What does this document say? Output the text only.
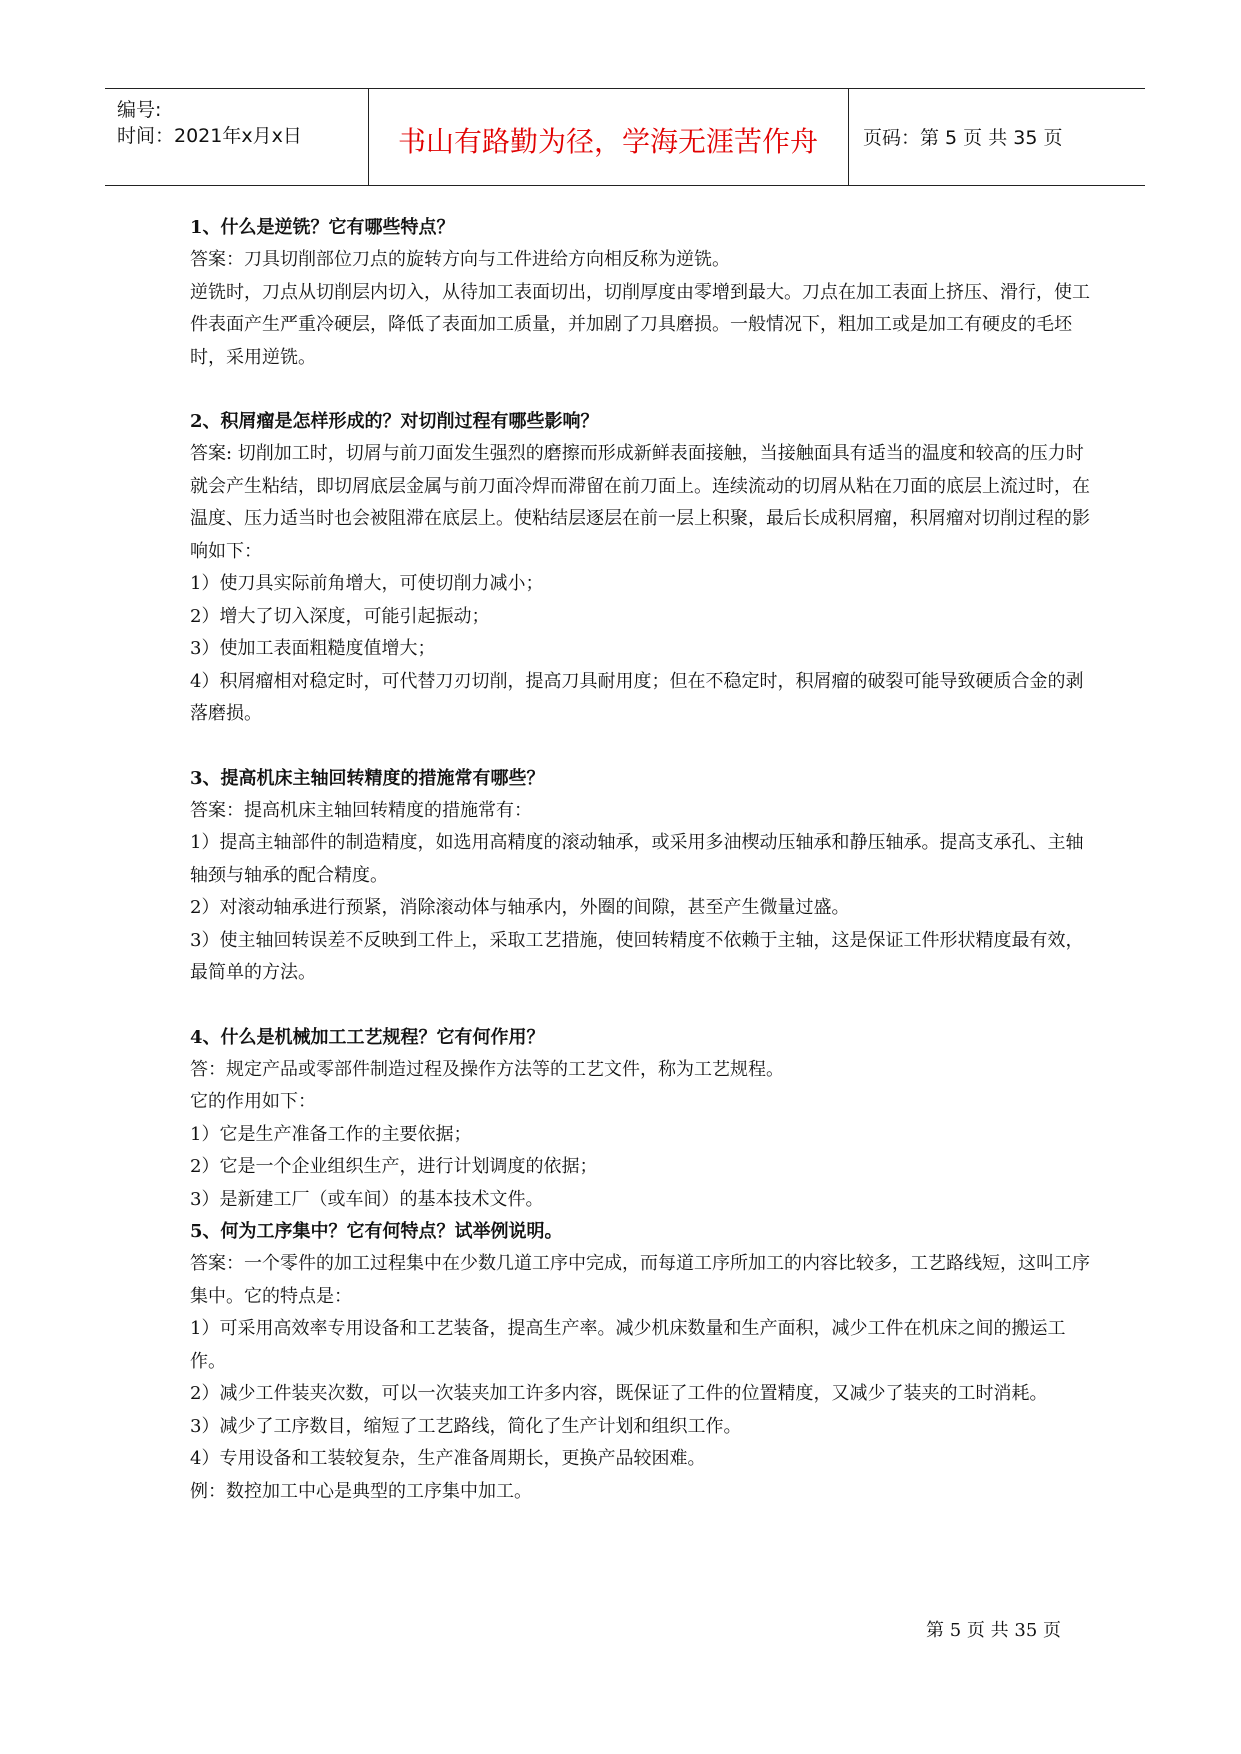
编号:
时间：2021年x月x日	书山有路勤为径，学海无涯苦作舟	页码：第 5 页 共 35 页

1、什么是逆铣？它有哪些特点？

答案：刀具切削部位刀点的旋转方向与工件进给方向相反称为逆铣。

逆铣时，刀点从切削层内切入，从待加工表面切出，切削厚度由零增到最大。刀点在加工表面上挤压、滑行，使工件表面产生严重冷硬层，降低了表面加工质量，并加剧了刀具磨损。一般情况下，粗加工或是加工有硬皮的毛坯时，采用逆铣。

2、积屑瘤是怎样形成的？对切削过程有哪些影响？

答案: 切削加工时，切屑与前刀面发生强烈的磨擦而形成新鲜表面接触，当接触面具有适当的温度和较高的压力时就会产生粘结，即切屑底层金属与前刀面冷焊而滞留在前刀面上。连续流动的切屑从粘在刀面的底层上流过时，在温度、压力适当时也会被阻滞在底层上。使粘结层逐层在前一层上积聚，最后长成积屑瘤，积屑瘤对切削过程的影响如下：

1）使刀具实际前角增大，可使切削力减小；

2）增大了切入深度，可能引起振动；

3）使加工表面粗糙度值增大；

4）积屑瘤相对稳定时，可代替刀刃切削，提高刀具耐用度；但在不稳定时，积屑瘤的破裂可能导致硬质合金的剥落磨损。

3、提高机床主轴回转精度的措施常有哪些？

答案：提高机床主轴回转精度的措施常有：

1）提高主轴部件的制造精度，如选用高精度的滚动轴承，或采用多油楔动压轴承和静压轴承。提高支承孔、主轴轴颈与轴承的配合精度。

2）对滚动轴承进行预紧，消除滚动体与轴承内，外圈的间隙，甚至产生微量过盛。

3）使主轴回转误差不反映到工件上，采取工艺措施，使回转精度不依赖于主轴，这是保证工件形状精度最有效，最简单的方法。

4、什么是机械加工工艺规程？它有何作用？

答：规定产品或零部件制造过程及操作方法等的工艺文件，称为工艺规程。

它的作用如下：

1）它是生产准备工作的主要依据；

2）它是一个企业组织生产，进行计划调度的依据；

3）是新建工厂（或车间）的基本技术文件。

5、何为工序集中？它有何特点？试举例说明。

答案：一个零件的加工过程集中在少数几道工序中完成，而每道工序所加工的内容比较多，工艺路线短，这叫工序集中。它的特点是：

1）可采用高效率专用设备和工艺装备，提高生产率。减少机床数量和生产面积，减少工件在机床之间的搬运工作。

2）减少工件装夹次数，可以一次装夹加工许多内容，既保证了工件的位置精度，又减少了装夹的工时消耗。

3）减少了工序数目，缩短了工艺路线，简化了生产计划和组织工作。

4）专用设备和工装较复杂，生产准备周期长，更换产品较困难。

例：数控加工中心是典型的工序集中加工。

第 5 页 共 35 页
